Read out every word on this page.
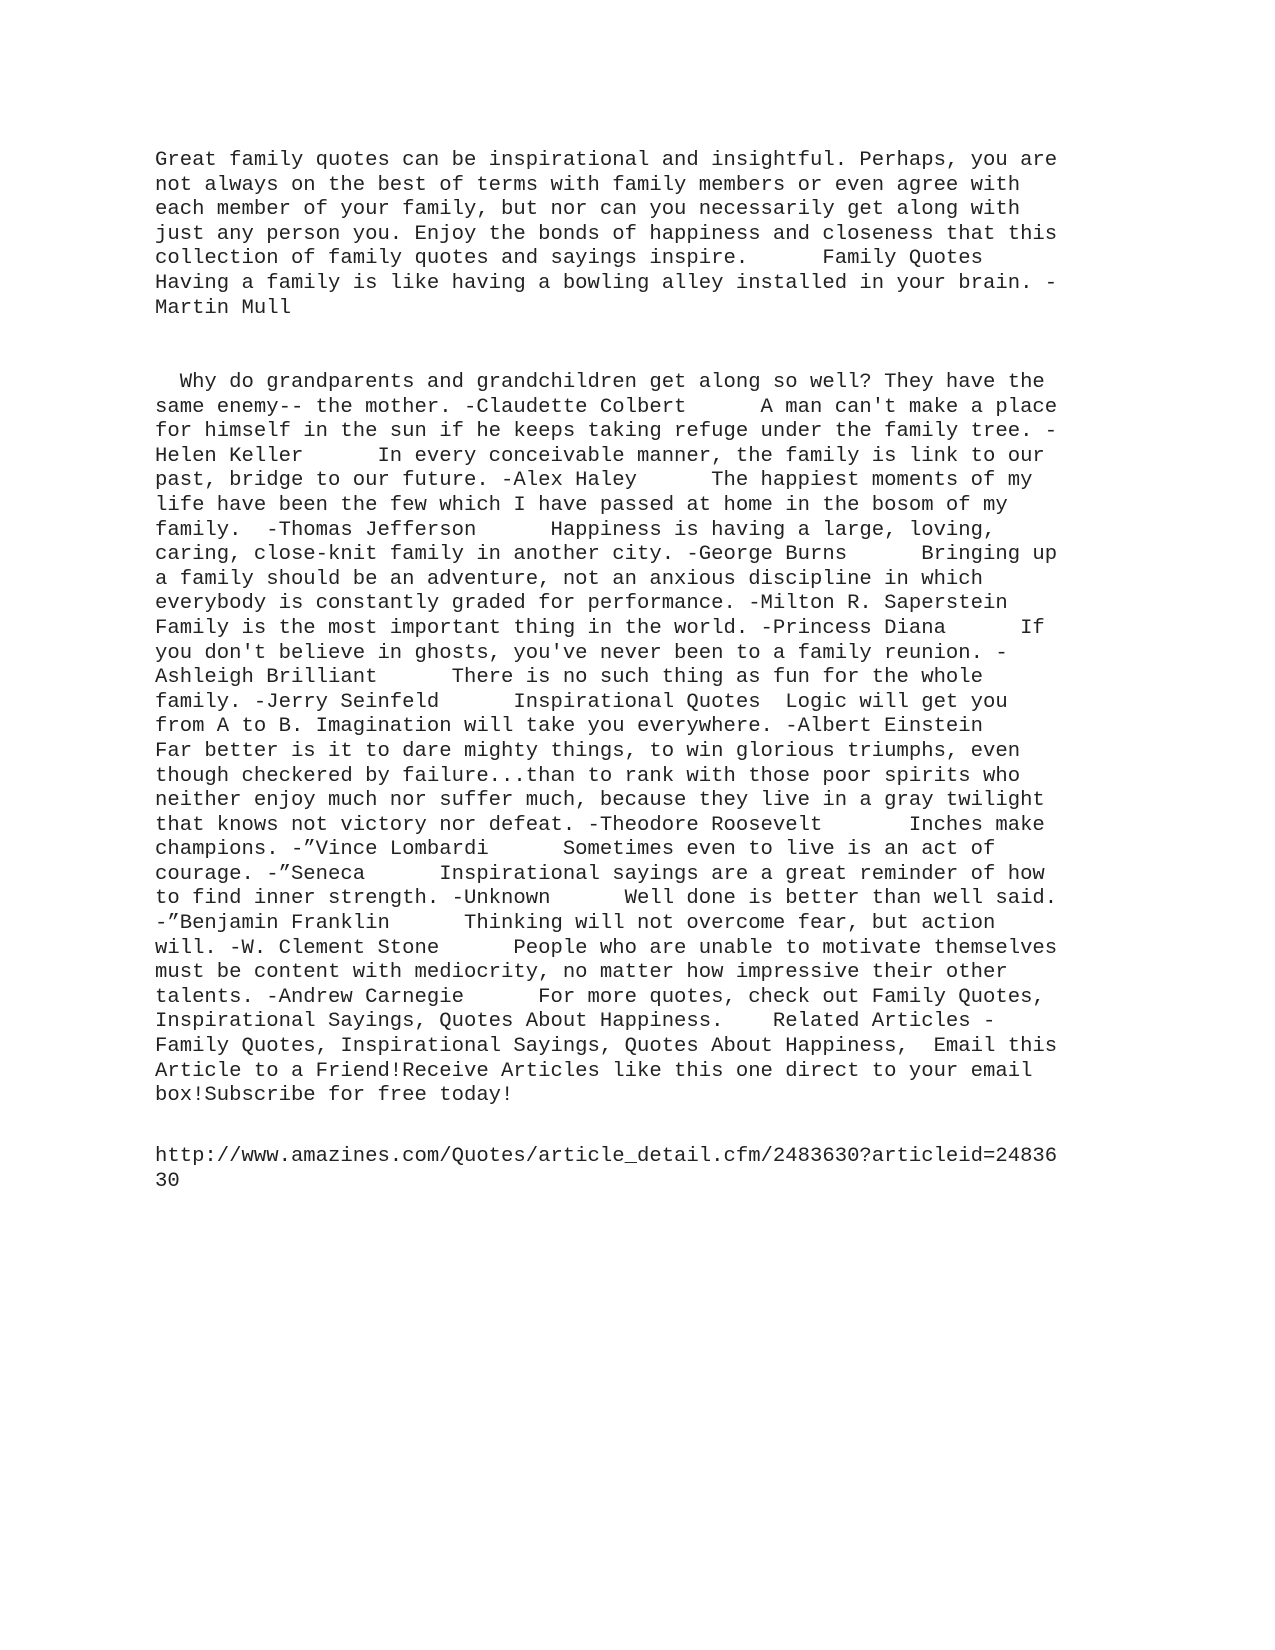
Great family quotes can be inspirational and insightful. Perhaps, you are
not always on the best of terms with family members or even agree with
each member of your family, but nor can you necessarily get along with
just any person you. Enjoy the bonds of happiness and closeness that this
collection of family quotes and sayings inspire.      Family Quotes
Having a family is like having a bowling alley installed in your brain. -
Martin Mull
Why do grandparents and grandchildren get along so well? They have the
same enemy-- the mother. -Claudette Colbert      A man can't make a place
for himself in the sun if he keeps taking refuge under the family tree. -
Helen Keller      In every conceivable manner, the family is link to our
past, bridge to our future. -Alex Haley      The happiest moments of my
life have been the few which I have passed at home in the bosom of my
family.  -Thomas Jefferson      Happiness is having a large, loving,
caring, close-knit family in another city. -George Burns      Bringing up
a family should be an adventure, not an anxious discipline in which
everybody is constantly graded for performance. -Milton R. Saperstein
Family is the most important thing in the world. -Princess Diana      If
you don't believe in ghosts, you've never been to a family reunion. -
Ashleigh Brilliant      There is no such thing as fun for the whole
family. -Jerry Seinfeld      Inspirational Quotes  Logic will get you
from A to B. Imagination will take you everywhere. -Albert Einstein
Far better is it to dare mighty things, to win glorious triumphs, even
though checkered by failure...than to rank with those poor spirits who
neither enjoy much nor suffer much, because they live in a gray twilight
that knows not victory nor defeat. -Theodore Roosevelt       Inches make
champions. -”Vince Lombardi      Sometimes even to live is an act of
courage. -”Seneca      Inspirational sayings are a great reminder of how
to find inner strength. -Unknown      Well done is better than well said.
-”Benjamin Franklin      Thinking will not overcome fear, but action
will. -W. Clement Stone      People who are unable to motivate themselves
must be content with mediocrity, no matter how impressive their other
talents. -Andrew Carnegie      For more quotes, check out Family Quotes,
Inspirational Sayings, Quotes About Happiness.    Related Articles -
Family Quotes, Inspirational Sayings, Quotes About Happiness,  Email this
Article to a Friend!Receive Articles like this one direct to your email
box!Subscribe for free today!
http://www.amazines.com/Quotes/article_detail.cfm/2483630?articleid=24836
30
